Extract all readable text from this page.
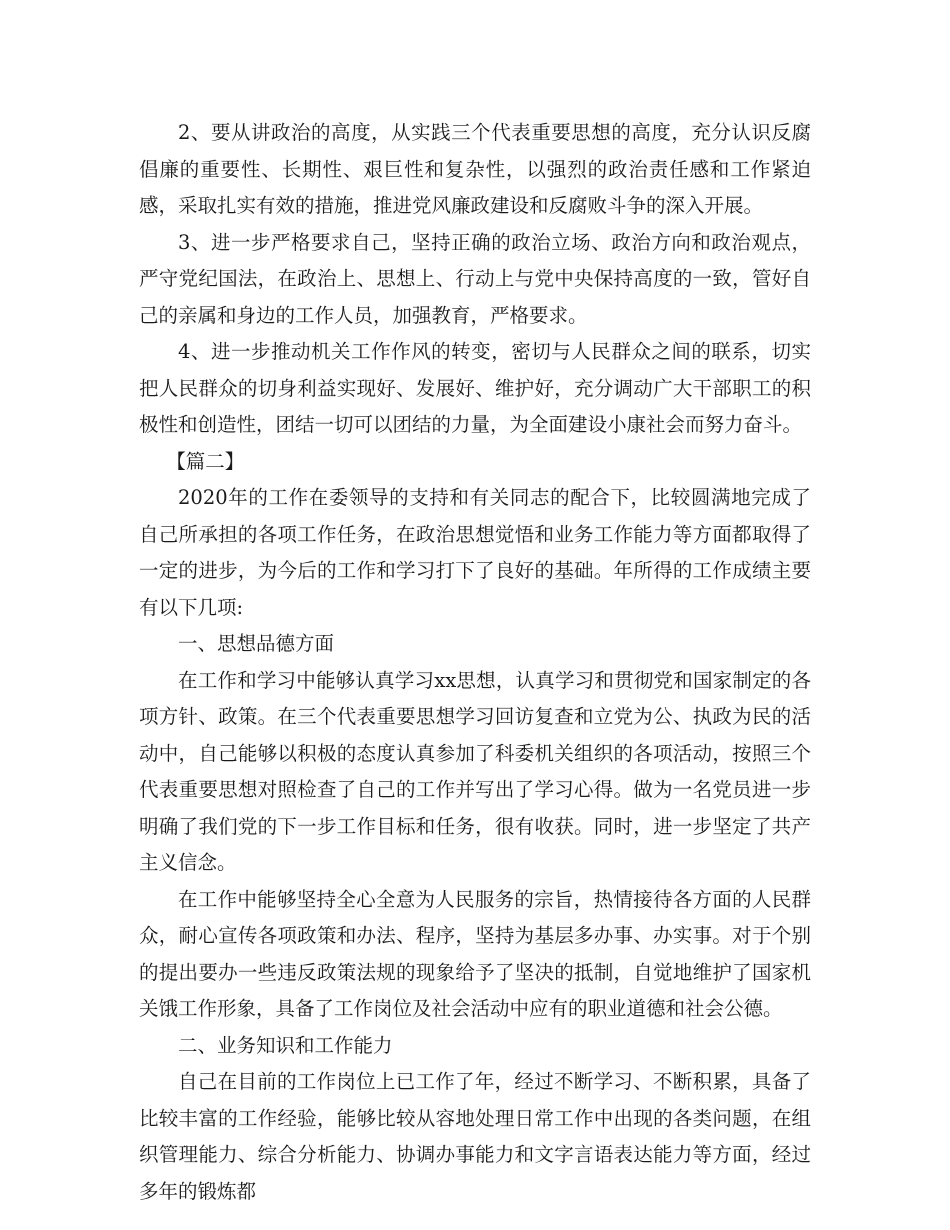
2、要从讲政治的高度，从实践三个代表重要思想的高度，充分认识反腐倡廉的重要性、长期性、艰巨性和复杂性，以强烈的政治责任感和工作紧迫感，采取扎实有效的措施，推进党风廉政建设和反腐败斗争的深入开展。

3、进一步严格要求自己，坚持正确的政治立场、政治方向和政治观点，严守党纪国法，在政治上、思想上、行动上与党中央保持高度的一致，管好自己的亲属和身边的工作人员，加强教育，严格要求。

4、进一步推动机关工作作风的转变，密切与人民群众之间的联系，切实把人民群众的切身利益实现好、发展好、维护好，充分调动广大干部职工的积极性和创造性，团结一切可以团结的力量，为全面建设小康社会而努力奋斗。

【篇二】

2020年的工作在委领导的支持和有关同志的配合下，比较圆满地完成了自己所承担的各项工作任务，在政治思想觉悟和业务工作能力等方面都取得了一定的进步，为今后的工作和学习打下了良好的基础。年所得的工作成绩主要有以下几项:

一、思想品德方面

在工作和学习中能够认真学习xx思想，认真学习和贯彻党和国家制定的各项方针、政策。在三个代表重要思想学习回访复查和立党为公、执政为民的活动中，自己能够以积极的态度认真参加了科委机关组织的各项活动，按照三个代表重要思想对照检查了自己的工作并写出了学习心得。做为一名党员进一步明确了我们党的下一步工作目标和任务，很有收获。同时，进一步坚定了共产主义信念。

在工作中能够坚持全心全意为人民服务的宗旨，热情接待各方面的人民群众，耐心宣传各项政策和办法、程序，坚持为基层多办事、办实事。对于个别的提出要办一些违反政策法规的现象给予了坚决的抵制，自觉地维护了国家机关饿工作形象，具备了工作岗位及社会活动中应有的职业道德和社会公德。

二、业务知识和工作能力

自己在目前的工作岗位上已工作了年，经过不断学习、不断积累，具备了比较丰富的工作经验，能够比较从容地处理日常工作中出现的各类问题，在组织管理能力、综合分析能力、协调办事能力和文字言语表达能力等方面，经过多年的锻炼都
